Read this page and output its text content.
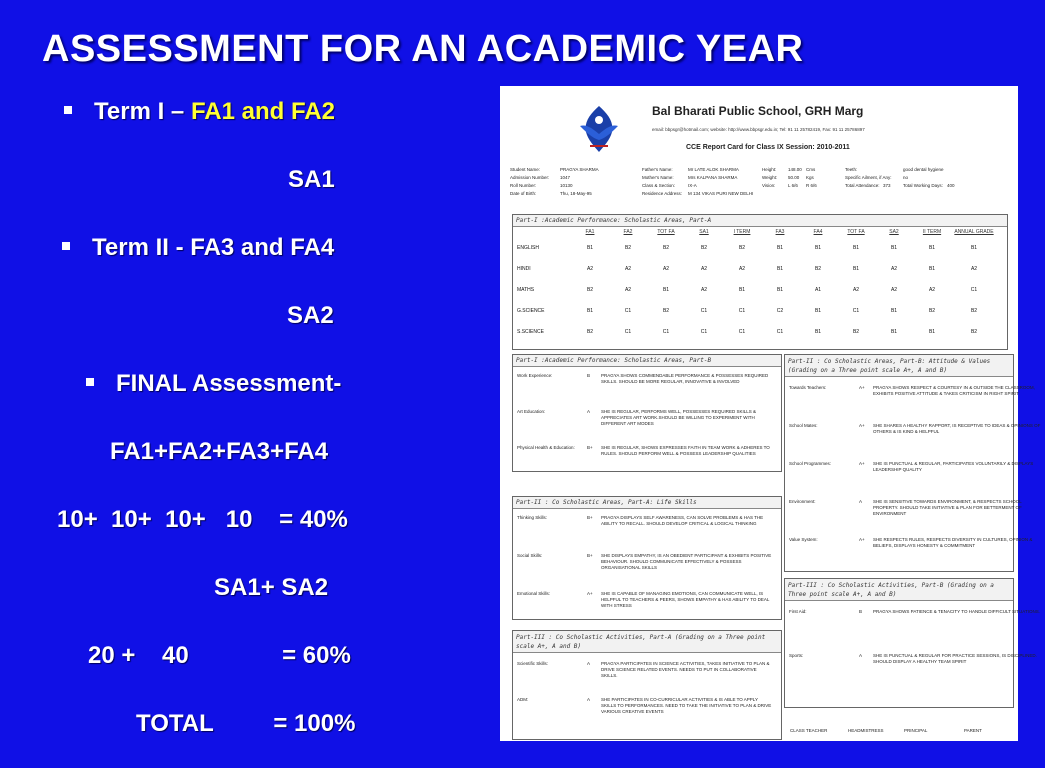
ASSESSMENT FOR AN ACADEMIC YEAR
Term I – FA1 and FA2
SA1
Term II - FA3 and FA4
SA2
FINAL Assessment-
FA1+FA2+FA3+FA4
10+  10+  10+   10    = 40%
SA1+ SA2
20 +    40              = 60%
TOTAL         = 100%
Bal Bharati Public School, GRH Marg
email: bbpsgr@hotmail.com; website: http://www.bbpsgr.edu.in; Tel: 91 11 25782419, Fax: 91 11 25786897
CCE Report Card for Class IX Session: 2010-2011
Student Name:	PRAGYA SHARMA
Admission Number: 1047
Roll Number:	10130
Date of Birth:	Thu, 18-May-95
Father's Name:	Mr LATE ALOK SHARMA
Mother's Name:	Mrs KALPANA SHARMA
Class & Section:	IX-A
Residence Address: M 134 VIKAS PURI NEW DELHI
Height:	148.00 Cms
Weight: 50.00 Kgs
Vision:	L 6/6 R 6/6
Teeth:	good dental hygiene
Specific Ailment, if Any:	no
Total Attendance: 373	Total Working Days: 400
Part-I :Academic Performance: Scholastic Areas, Part-A
	FA1	FA2	TOT FA	SA1	I TERM	FA3	FA4	TOT FA	SA2	II TERM	ANNUAL GRADE
ENGLISH	B1	B2	B2	B2	B2	B1	B1	B1	B1	B1	B1
HINDI	A2	A2	A2	A2	A2	B1	B2	B1	A2	B1	A2
MATHS	B2	A2	B1	A2	B1	B1	A1	A2	A2	A2	C1
G.SCIENCE	B1	C1	B2	C1	C1	C2	B1	C1	B1	B2	B2
S.SCIENCE	B2	C1	C1	C1	C1	C1	B1	B2	B1	B1	B2
Part-I :Academic Performance: Scholastic Areas, Part-B
Work Experience:	B	PRAGYA SHOWS COMMENDABLE PERFORMANCE & POSSESSES REQUIRED SKILLS. SHOULD BE MORE REGULAR, INNOVATIVE & INVOLVED
Art Education:	A	SHE IS REGULAR, PERFORMS WELL, POSSESSES REQUIRED SKILLS & APPRECIATES ART WORK.SHOULD BE WILLING TO EXPERIMENT WITH DIFFERENT ART MODES
Physical Health & Education:	B+	SHE IS REGULAR, SHOWS EXPRESSES FAITH IN TEAM WORK & ADHERES TO RULES. SHOULD PERFORM WELL & POSSESS LEADERSHIP QUALITIES
Part-II : Co Scholastic Areas, Part-A: Life Skills
Thinking Skills:	B+	PRAGYA DISPLAYS SELF AWARENESS, CAN SOLVE PROBLEMS & HAS THE ABILITY TO RECALL. SHOULD DEVELOP CRITICAL & LOGICAL THINKING
Social Skills:	B+	SHE DISPLAYS EMPATHY, IS AN OBEDIENT PARTICIPANT & EXHIBITS POSITIVE BEHAVIOUR. SHOULD COMMUNICATE EFFECTIVELY & POSSESS ORGANISATIONAL SKILLS
Emotional Skills:	A+	SHE IS CAPABLE OF MANAGING EMOTIONS, CAN COMMUNICATE WELL, IS HELPFUL TO TEACHERS & PEERS, SHOWS EMPATHY & HAS ABILITY TO DEAL WITH STRESS
Part-III : Co Scholastic Activities, Part-A (Grading on a Three point scale A+, A and B)
Scientific Skills:	A	PRAGYA PARTICIPATES IN SCIENCE ACTIVITIES, TAKES INITIATIVE TO PLAN & DRIVE SCIENCE RELATED EVENTS. NEEDS TO PUT IN COLLABORATIVE SKILLS.
ADM:	A	SHE PARTICIPATES IN CO-CURRICULAR ACTIVITIES & IS ABLE TO APPLY SKILLS TO PERFORMANCES. NEED TO TAKE THE INITIATIVE TO PLAN & DRIVE VARIOUS CREATIVE EVENTS
Part-II : Co Scholastic Areas, Part-B: Attitude & Values (Grading on a Three point scale A+, A and B)
Towards Teachers:	A+	PRAGYA SHOWS RESPECT & COURTESY IN & OUTSIDE THE CLASSROOM, EXHIBITS POSITIVE ATTITUDE & TAKES CRITICISM IN RIGHT SPIRIT
School Mates:	A+	SHE SHARES A HEALTHY RAPPORT, IS RECEPTIVE TO IDEAS & OPINIONS OF OTHERS & IS KIND & HELPFUL
School Programmes:	A+	SHE IS PUNCTUAL & REGULAR, PARTICIPATES VOLUNTARILY & DISPLAYS LEADERSHIP QUALITY
Environment:	A	SHE IS SENSITIVE TOWARDS ENVIRONMENT, & RESPECTS SCHOOL PROPERTY. SHOULD TAKE INITIATIVE & PLAN FOR BETTERMENT OF ENVIRONMENT
Value System:	A+	SHE RESPECTS RULES, RESPECTS DIVERSITY IN CULTURES, OPINION & BELIEFS, DISPLAYS HONESTY & COMMITMENT
Part-III : Co Scholastic Activities, Part-B (Grading on a Three point scale A+, A and B)
First Aid:	B	PRAGYA SHOWS PATIENCE & TENACITY TO HANDLE DIFFICULT SITUATIONS.
Sports:	A	SHE IS PUNCTUAL & REGULAR FOR PRACTICE SESSIONS, IS DISCIPLINED. SHOULD DISPLAY A HEALTHY TEAM SPIRIT
CLASS TEACHER	HEADMISTRESS	PRINCIPAL	PARENT
